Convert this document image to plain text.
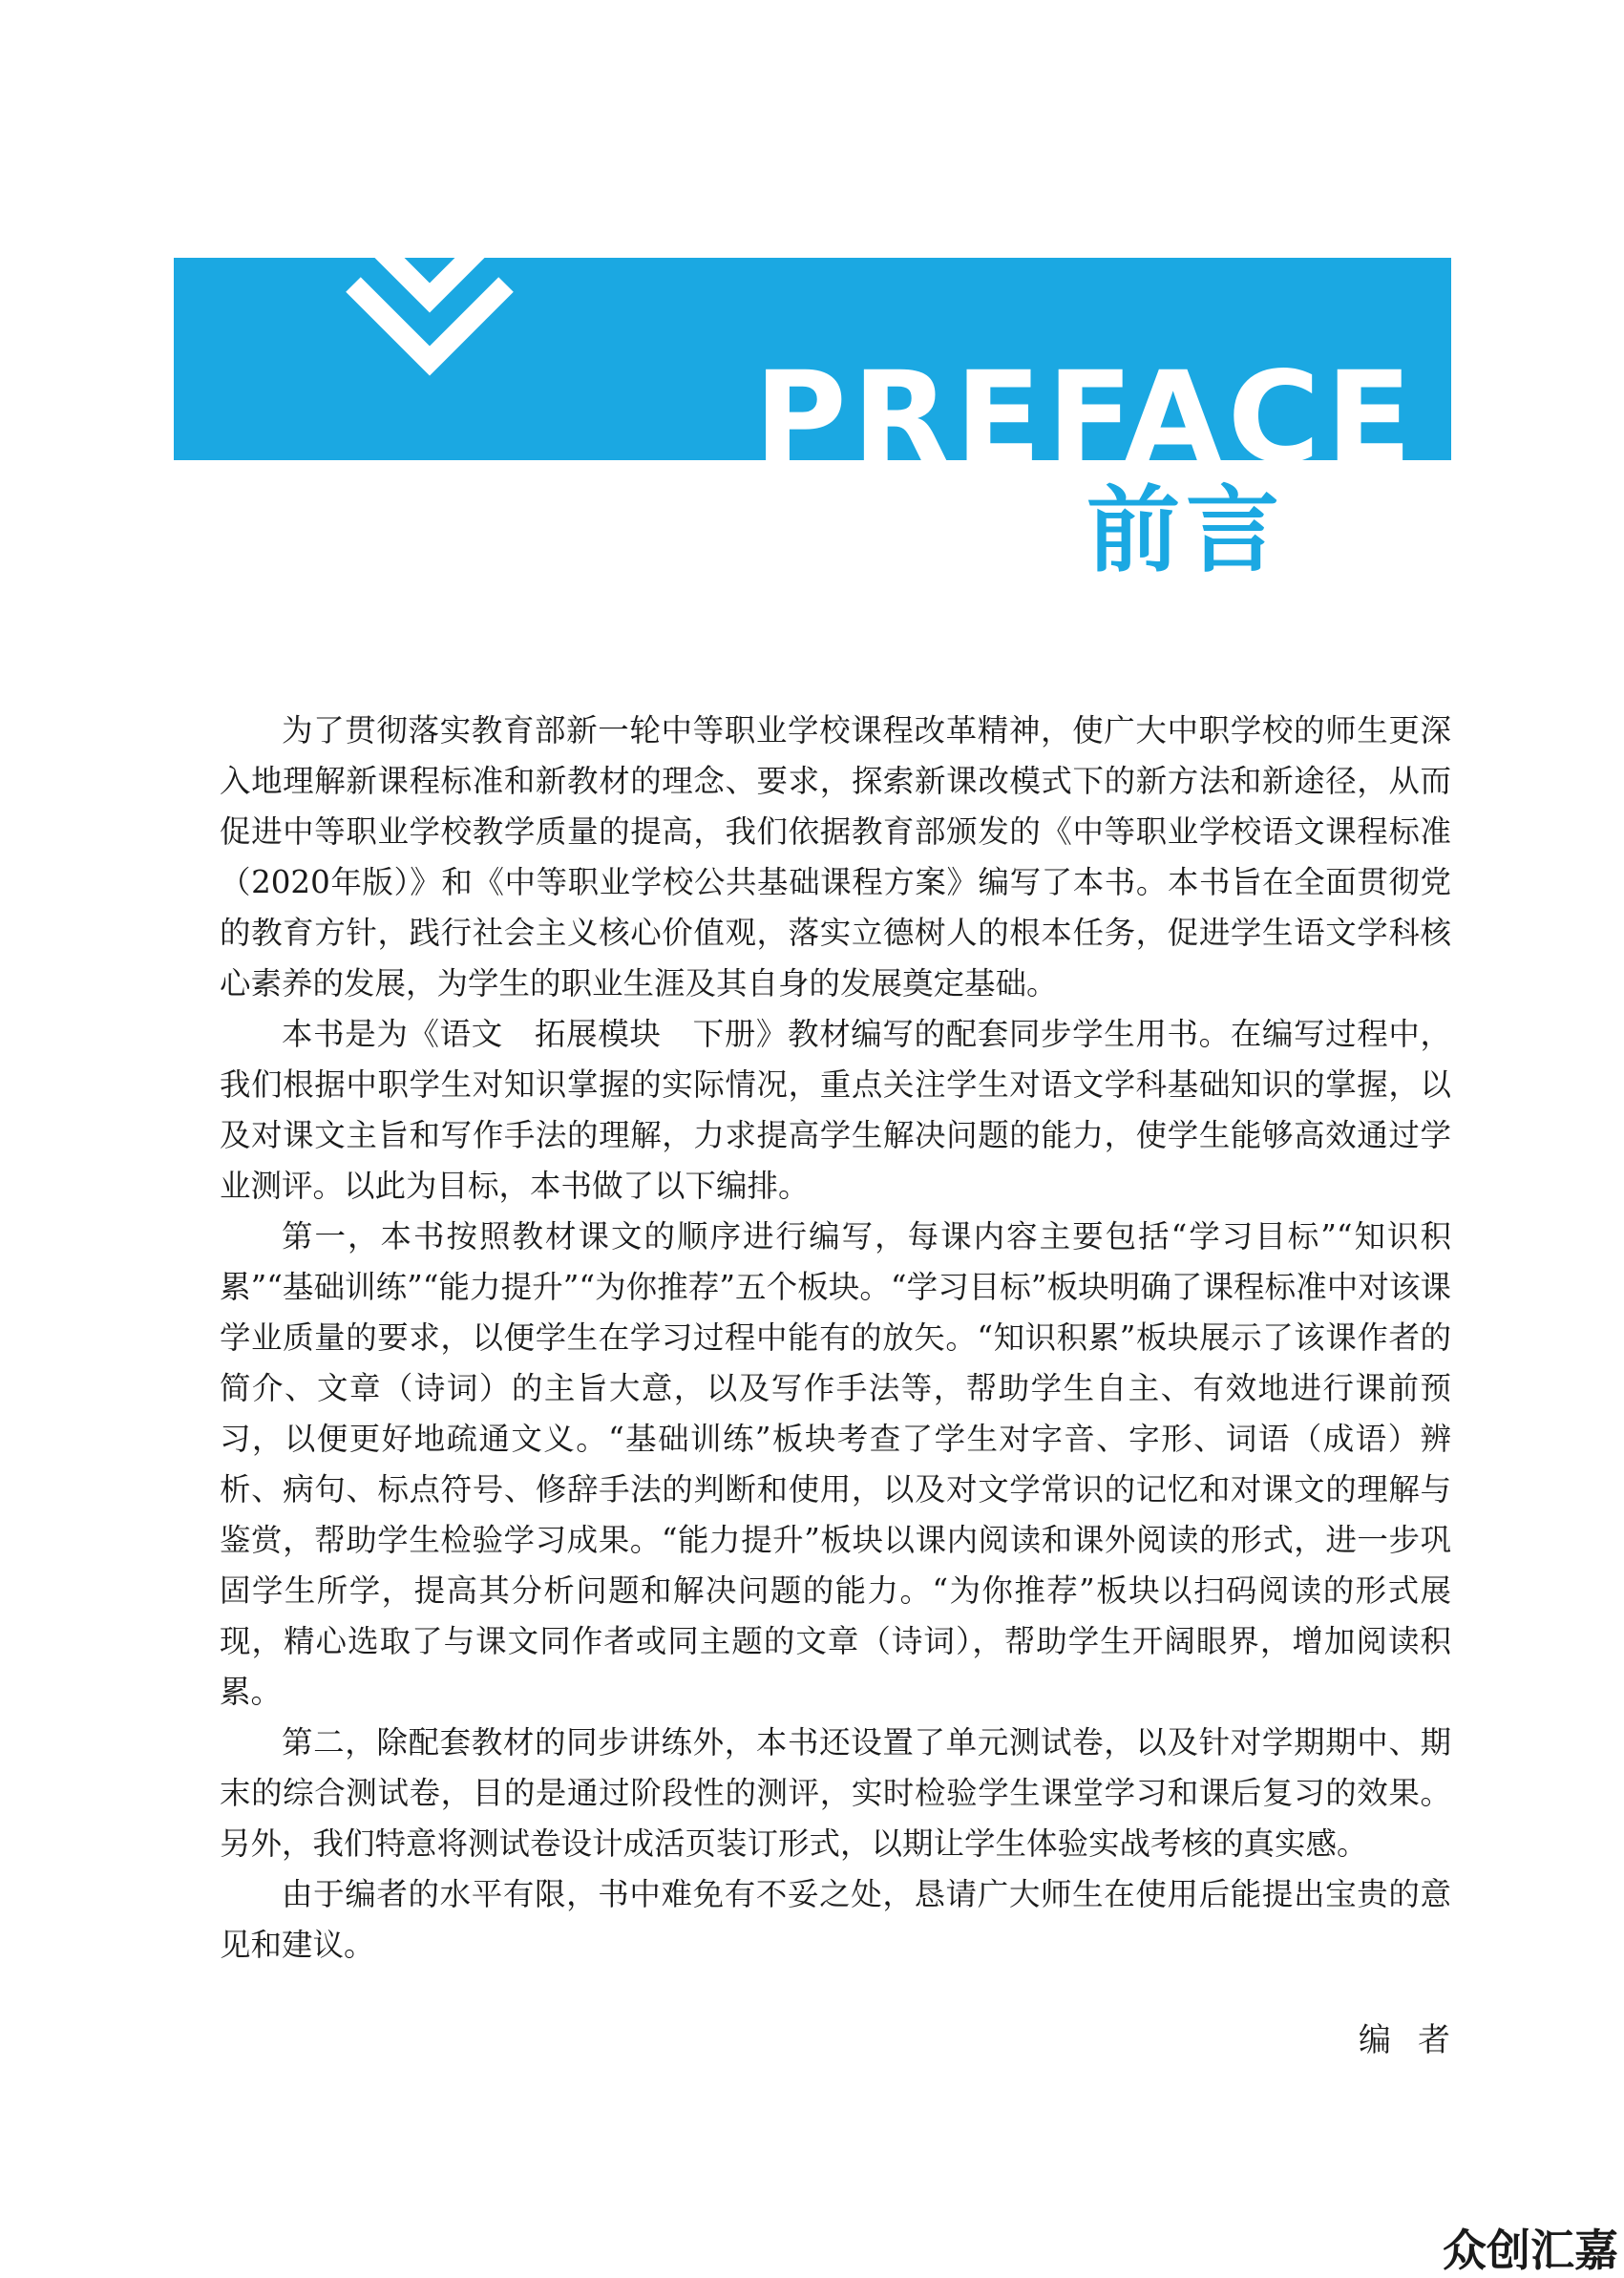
PREFACE
前言

为了贯彻落实教育部新一轮中等职业学校课程改革精神，使广大中职学校的师生更深入地理解新课程标准和新教材的理念、要求，探索新课改模式下的新方法和新途径，从而促进中等职业学校教学质量的提高，我们依据教育部颁发的《中等职业学校语文课程标准（2020年版）》和《中等职业学校公共基础课程方案》编写了本书。本书旨在全面贯彻党的教育方针，践行社会主义核心价值观，落实立德树人的根本任务，促进学生语文学科核心素养的发展，为学生的职业生涯及其自身的发展奠定基础。

本书是为《语文　拓展模块　下册》教材编写的配套同步学生用书。在编写过程中，我们根据中职学生对知识掌握的实际情况，重点关注学生对语文学科基础知识的掌握，以及对课文主旨和写作手法的理解，力求提高学生解决问题的能力，使学生能够高效通过学业测评。以此为目标，本书做了以下编排。

第一，本书按照教材课文的顺序进行编写，每课内容主要包括“学习目标”“知识积累”“基础训练”“能力提升”“为你推荐”五个板块。“学习目标”板块明确了课程标准中对该课学业质量的要求，以便学生在学习过程中能有的放矢。“知识积累”板块展示了该课作者的简介、文章（诗词）的主旨大意，以及写作手法等，帮助学生自主、有效地进行课前预习，以便更好地疏通文义。“基础训练”板块考查了学生对字音、字形、词语（成语）辨析、病句、标点符号、修辞手法的判断和使用，以及对文学常识的记忆和对课文的理解与鉴赏，帮助学生检验学习成果。“能力提升”板块以课内阅读和课外阅读的形式，进一步巩固学生所学，提高其分析问题和解决问题的能力。“为你推荐”板块以扫码阅读的形式展现，精心选取了与课文同作者或同主题的文章（诗词），帮助学生开阔眼界，增加阅读积累。

第二，除配套教材的同步讲练外，本书还设置了单元测试卷，以及针对学期期中、期末的综合测试卷，目的是通过阶段性的测评，实时检验学生课堂学习和课后复习的效果。另外，我们特意将测试卷设计成活页装订形式，以期让学生体验实战考核的真实感。

由于编者的水平有限，书中难免有不妥之处，恳请广大师生在使用后能提出宝贵的意见和建议。

编者
众创汇嘉
